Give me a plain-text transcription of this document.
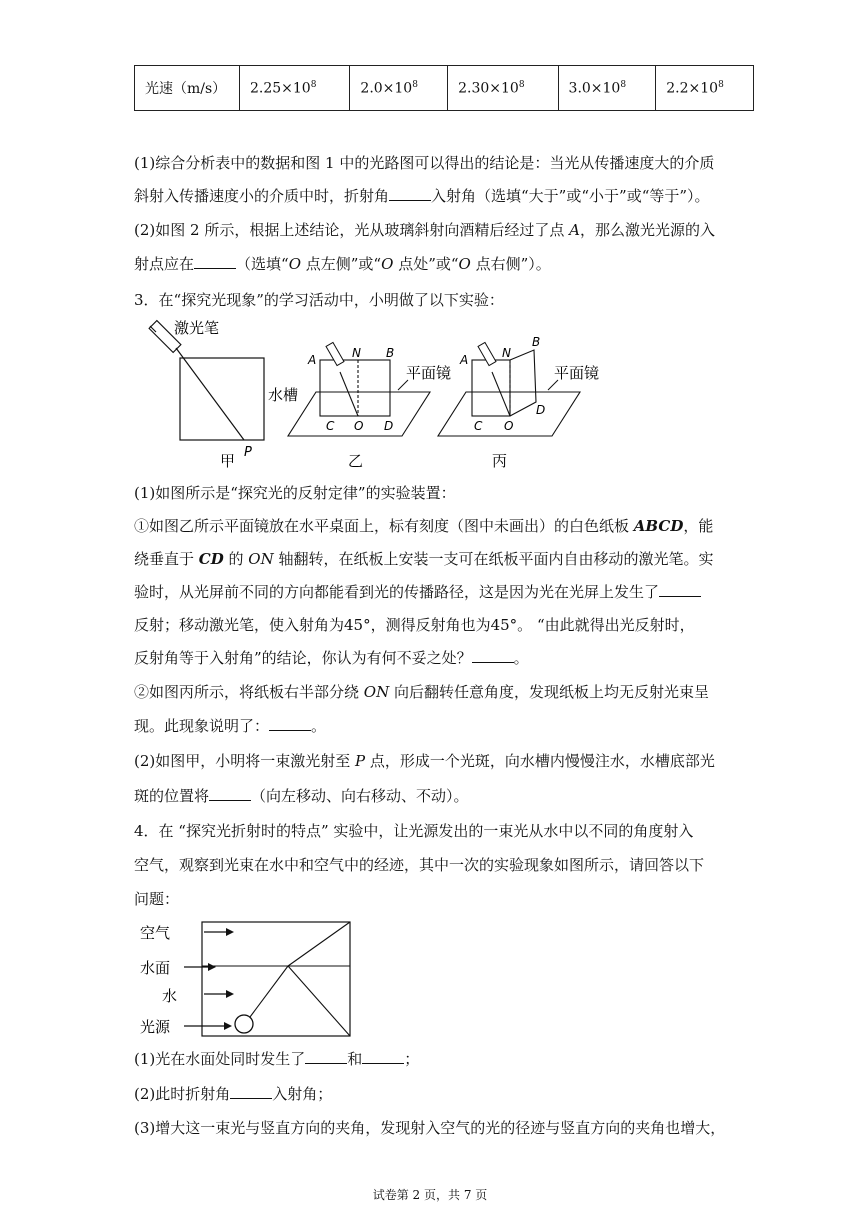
光速（m/s）	$2.25\times 10^8$	$2.0\times 10^8$	$2.30\times 10^8$	$3.0\times 10^8$	$2.2\times 10^8$
(1)综合分析表中的数据和图 1 中的光路图可以得出的结论是：当光从传播速度大的介质
斜射入传播速度小的介质中时，折射角	入射角（选填“大于”或“小于”或“等于”）。
(2)如图 2 所示，根据上述结论，光从玻璃斜射向酒精后经过了点 A，那么激光光源的入
射点应在	（选填“O 点左侧”或“O 点处”或“O 点右侧”）。
3．在“探究光现象”的学习活动中，小明做了以下实验：
激光笔
水槽
P
甲
A	N B
C O D
平面镜
乙
A	N
B
C O
D
平面镜
丙
(1)如图所示是“探究光的反射定律”的实验装置：
①如图乙所示平面镜放在水平桌面上，标有刻度（图中未画出）的白色纸板 ABCD，能
绕垂直于 CD 的 ON 轴翻转，在纸板上安装一支可在纸板平面内自由移动的激光笔。实
验时，从光屏前不同的方向都能看到光的传播路径，这是因为光在光屏上发生了
反射；移动激光笔，使入射角为45°，测得反射角也为45°。 “由此就得出光反射时，
反射角等于入射角”的结论，你认为有何不妥之处？	。
②如图丙所示，将纸板右半部分绕 ON 向后翻转任意角度，发现纸板上均无反射光束呈
现。此现象说明了：	。
(2)如图甲，小明将一束激光射至 P 点，形成一个光斑，向水槽内慢慢注水，水槽底部光
斑的位置将	（向左移动、向右移动、不动）。
4．在 “探究光折射时的特点” 实验中，让光源发出的一束光从水中以不同的角度射入
空气，观察到光束在水中和空气中的经迹，其中一次的实验现象如图所示，请回答以下
问题：
空气
水面
水
光源
(1)光在水面处同时发生了	和	；
(2)此时折射角	入射角；
(3)增大这一束光与竖直方向的夹角，发现射入空气的光的径迹与竖直方向的夹角也增大，
试卷第 2 页，共 7 页
